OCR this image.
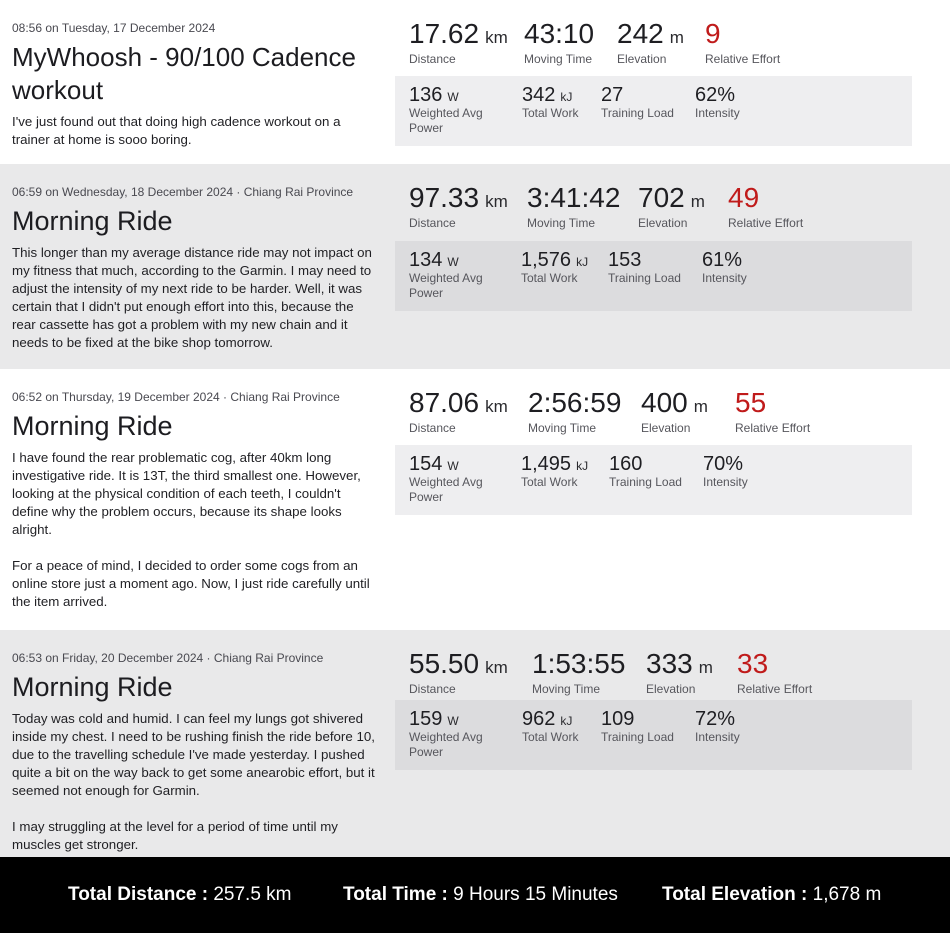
08:56 on Tuesday, 17 December 2024
MyWhoosh - 90/100 Cadence workout

I've just found out that doing high cadence workout on a trainer at home is sooo boring.

17.62 km
Distance
43:10
Moving Time
242 m
Elevation
9
Relative Effort
136 W
Weighted Avg Power
342 kJ
Total Work
27
Training Load
62%
Intensity
06:59 on Wednesday, 18 December 2024 · Chiang Rai Province
Morning Ride

This longer than my average distance ride may not impact on my fitness that much, according to the Garmin. I may need to adjust the intensity of my next ride to be harder. Well, it was certain that I didn't put enough effort into this, because the rear cassette has got a problem with my new chain and it needs to be fixed at the bike shop tomorrow.

97.33 km
Distance
3:41:42
Moving Time
702 m
Elevation
49
Relative Effort
134 W
Weighted Avg Power
1,576 kJ
Total Work
153
Training Load
61%
Intensity
06:52 on Thursday, 19 December 2024 · Chiang Rai Province
Morning Ride

I have found the rear problematic cog, after 40km long investigative ride. It is 13T, the third smallest one. However, looking at the physical condition of each teeth, I couldn't define why the problem occurs, because its shape looks alright.

For a peace of mind, I decided to order some cogs from an online store just a moment ago. Now, I just ride carefully until the item arrived.

87.06 km
Distance
2:56:59
Moving Time
400 m
Elevation
55
Relative Effort
154 W
Weighted Avg Power
1,495 kJ
Total Work
160
Training Load
70%
Intensity
06:53 on Friday, 20 December 2024 · Chiang Rai Province
Morning Ride

Today was cold and humid. I can feel my lungs got shivered inside my chest. I need to be rushing finish the ride before 10, due to the travelling schedule I've made yesterday. I pushed quite a bit on the way back to get some anearobic effort, but it seemed not enough for Garmin.

I may struggling at the level for a period of time until my muscles get stronger.

55.50 km
Distance
1:53:55
Moving Time
333 m
Elevation
33
Relative Effort
159 W
Weighted Avg Power
962 kJ
Total Work
109
Training Load
72%
Intensity
Total Distance : 257.5 km	Total Time : 9 Hours 15 Minutes Total Elevation : 1,678 m
